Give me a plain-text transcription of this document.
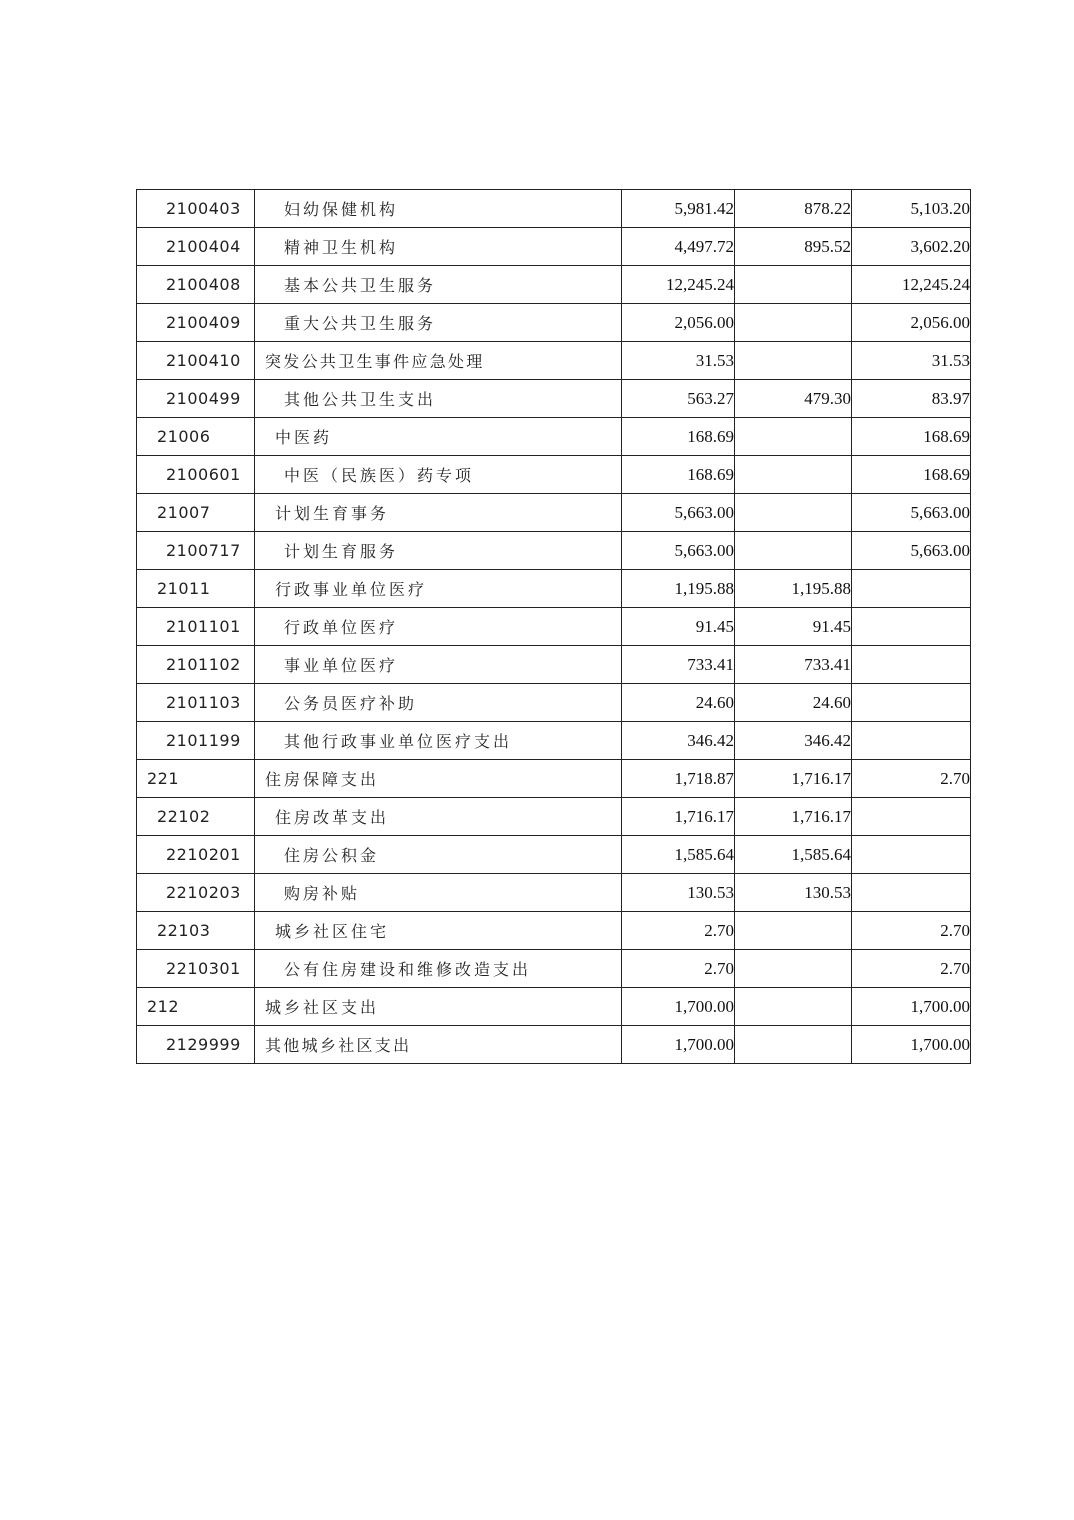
2100403	妇幼保健机构	5,981.42	878.22	5,103.20
2100404	精神卫生机构	4,497.72	895.52	3,602.20
2100408	基本公共卫生服务	12,245.24		12,245.24
2100409	重大公共卫生服务	2,056.00		2,056.00
2100410	突发公共卫生事件应急处理	31.53		31.53
2100499	其他公共卫生支出	563.27	479.30	83.97
21006	中医药	168.69		168.69
2100601	中医（民族医）药专项	168.69		168.69
21007	计划生育事务	5,663.00		5,663.00
2100717	计划生育服务	5,663.00		5,663.00
21011	行政事业单位医疗	1,195.88	1,195.88	
2101101	行政单位医疗	91.45	91.45	
2101102	事业单位医疗	733.41	733.41	
2101103	公务员医疗补助	24.60	24.60	
2101199	其他行政事业单位医疗支出	346.42	346.42	
221	住房保障支出	1,718.87	1,716.17	2.70
22102	住房改革支出	1,716.17	1,716.17	
2210201	住房公积金	1,585.64	1,585.64	
2210203	购房补贴	130.53	130.53	
22103	城乡社区住宅	2.70		2.70
2210301	公有住房建设和维修改造支出	2.70		2.70
212	城乡社区支出	1,700.00		1,700.00
2129999	其他城乡社区支出	1,700.00		1,700.00
